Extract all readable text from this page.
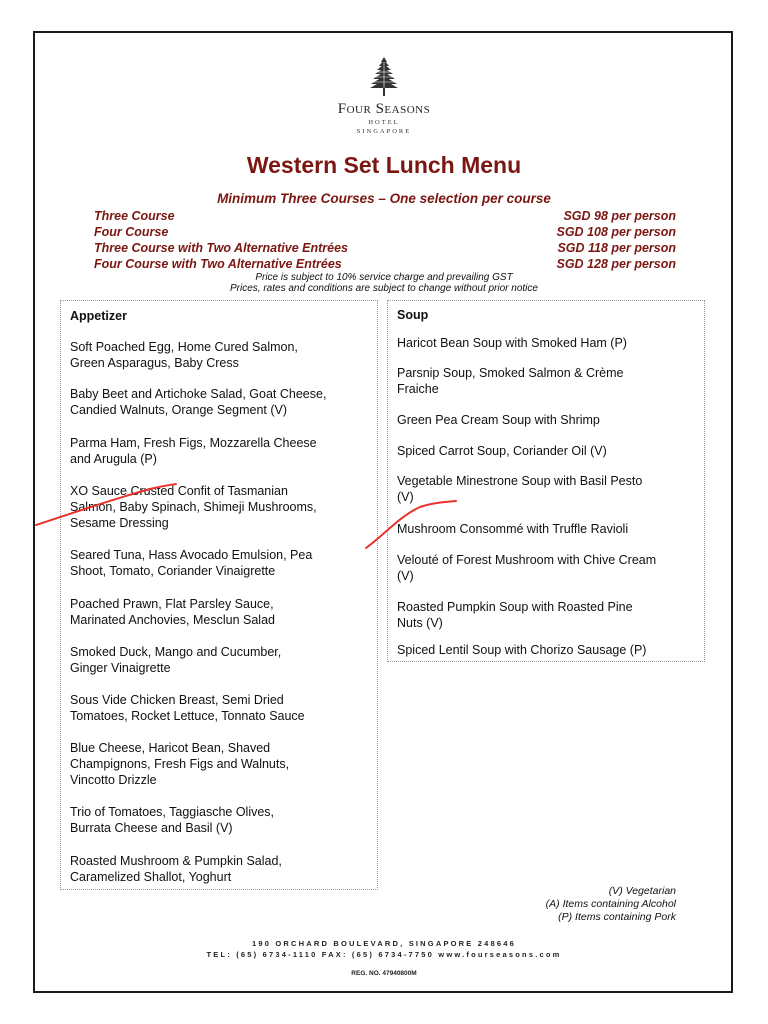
Four Seasons
HOTEL
SINGAPORE
Western Set Lunch Menu
Minimum Three Courses – One selection per course
Three Course	SGD 98 per person
Four Course	SGD 108 per person
Three Course with Two Alternative Entrées	SGD 118 per person
Four Course with Two Alternative Entrées	SGD 128 per person
Price is subject to 10% service charge and prevailing GST
Prices, rates and conditions are subject to change without prior notice
Appetizer
Soft Poached Egg, Home Cured Salmon,
Green Asparagus, Baby Cress
Baby Beet and Artichoke Salad, Goat Cheese,
Candied Walnuts, Orange Segment (V)
Parma Ham, Fresh Figs, Mozzarella Cheese
and Arugula (P)
XO Sauce Crusted Confit of Tasmanian
Salmon, Baby Spinach, Shimeji Mushrooms,
Sesame Dressing
Seared Tuna, Hass Avocado Emulsion, Pea
Shoot, Tomato, Coriander Vinaigrette
Poached Prawn, Flat Parsley Sauce,
Marinated Anchovies, Mesclun Salad
Smoked Duck, Mango and Cucumber,
Ginger Vinaigrette
Sous Vide Chicken Breast, Semi Dried
Tomatoes, Rocket Lettuce, Tonnato Sauce
Blue Cheese, Haricot Bean, Shaved
Champignons, Fresh Figs and Walnuts,
Vincotto Drizzle
Trio of Tomatoes, Taggiasche Olives,
Burrata Cheese and Basil (V)
Roasted Mushroom & Pumpkin Salad,
Caramelized Shallot, Yoghurt
Soup
Haricot Bean Soup with Smoked Ham (P)
Parsnip Soup, Smoked Salmon & Crème
Fraiche
Green Pea Cream Soup with Shrimp
Spiced Carrot Soup, Coriander Oil (V)
Vegetable Minestrone Soup with Basil Pesto
(V)
Mushroom Consommé with Truffle Ravioli
Velouté of Forest Mushroom with Chive Cream
(V)
Roasted Pumpkin Soup with Roasted Pine
Nuts (V)
Spiced Lentil Soup with Chorizo Sausage (P)
(V) Vegetarian
(A) Items containing Alcohol
(P) Items containing Pork
190 ORCHARD BOULEVARD, SINGAPORE 248646
TEL: (65) 6734-1110 FAX: (65) 6734-7750 www.fourseasons.com
REG. NO. 47940800M
